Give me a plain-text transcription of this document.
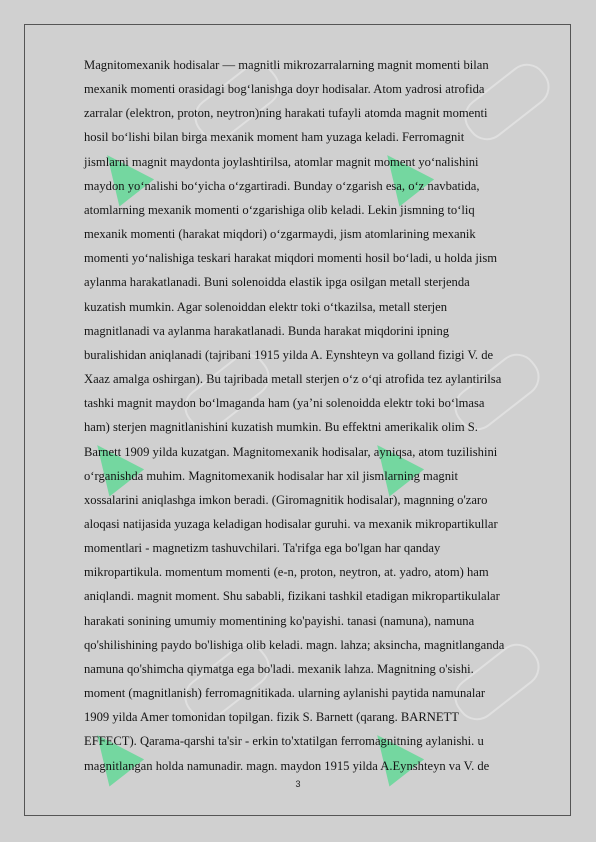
Magnitomexanik hodisalar — magnitli mikrozarralarning magnit momenti bilan

mexanik momenti orasidagi bog‘lanishga doyr hodisalar. Atom yadrosi atrofida

zarralar (elektron, proton, neytron)ning harakati tufayli atomda magnit momenti

hosil bo‘lishi bilan birga mexanik moment ham yuzaga keladi. Ferromagnit

jismlarni magnit maydonta joylashtirilsa, atomlar magnit moment yo‘nalishini

maydon yo‘nalishi bo‘yicha o‘zgartiradi. Bunday o‘zgarish esa, o‘z navbatida,

atomlarning mexanik momenti o‘zgarishiga olib keladi. Lekin jismning to‘liq

mexanik momenti (harakat miqdori) o‘zgarmaydi, jism atomlarining mexanik

momenti yo‘nalishiga teskari harakat miqdori momenti hosil bo‘ladi, u holda jism

aylanma harakatlanadi. Buni solenoidda elastik ipga osilgan metall sterjenda

kuzatish mumkin. Agar solenoiddan elektr toki o‘tkazilsa, metall sterjen

magnitlanadi va aylanma harakatlanadi. Bunda harakat miqdorini ipning

buralishidan aniqlanadi (tajribani 1915 yilda A. Eynshteyn va golland fizigi V. de

Xaaz amalga oshirgan). Bu tajribada metall sterjen o‘z o‘qi atrofida tez aylantirilsa

tashki magnit maydon bo‘lmaganda ham (ya’ni solenoidda elektr toki bo‘lmasa

ham) sterjen magnitlanishini kuzatish mumkin. Bu effektni amerikalik olim S.

Barnett 1909 yilda kuzatgan. Magnitomexanik hodisalar, ayniqsa, atom tuzilishini

o‘rganishda muhim. Magnitomexanik hodisalar har xil jismlarning magnit

xossalarini aniqlashga imkon beradi. (Giromagnitik hodisalar), magnning o'zaro

aloqasi natijasida yuzaga keladigan hodisalar guruhi. va mexanik mikropartikullar

momentlari - magnetizm tashuvchilari. Ta'rifga ega bo'lgan har qanday

mikropartikula. momentum momenti (e-n, proton, neytron, at. yadro, atom) ham

aniqlandi. magnit moment. Shu sababli, fizikani tashkil etadigan mikropartikulalar

harakati sonining umumiy momentining ko'payishi. tanasi (namuna), namuna

qo'shilishining paydo bo'lishiga olib keladi. magn. lahza; aksincha, magnitlanganda

namuna qo'shimcha qiymatga ega bo'ladi. mexanik lahza. Magnitning o'sishi.

moment (magnitlanish) ferromagnitikada. ularning aylanishi paytida namunalar

1909 yilda Amer tomonidan topilgan. fizik S. Barnett (qarang. BARNETT

EFFECT). Qarama-qarshi ta'sir - erkin to'xtatilgan ferromagnitning aylanishi. u

magnitlangan holda namunadir. magn. maydon 1915 yilda A.Eynshteyn va V. de

3
